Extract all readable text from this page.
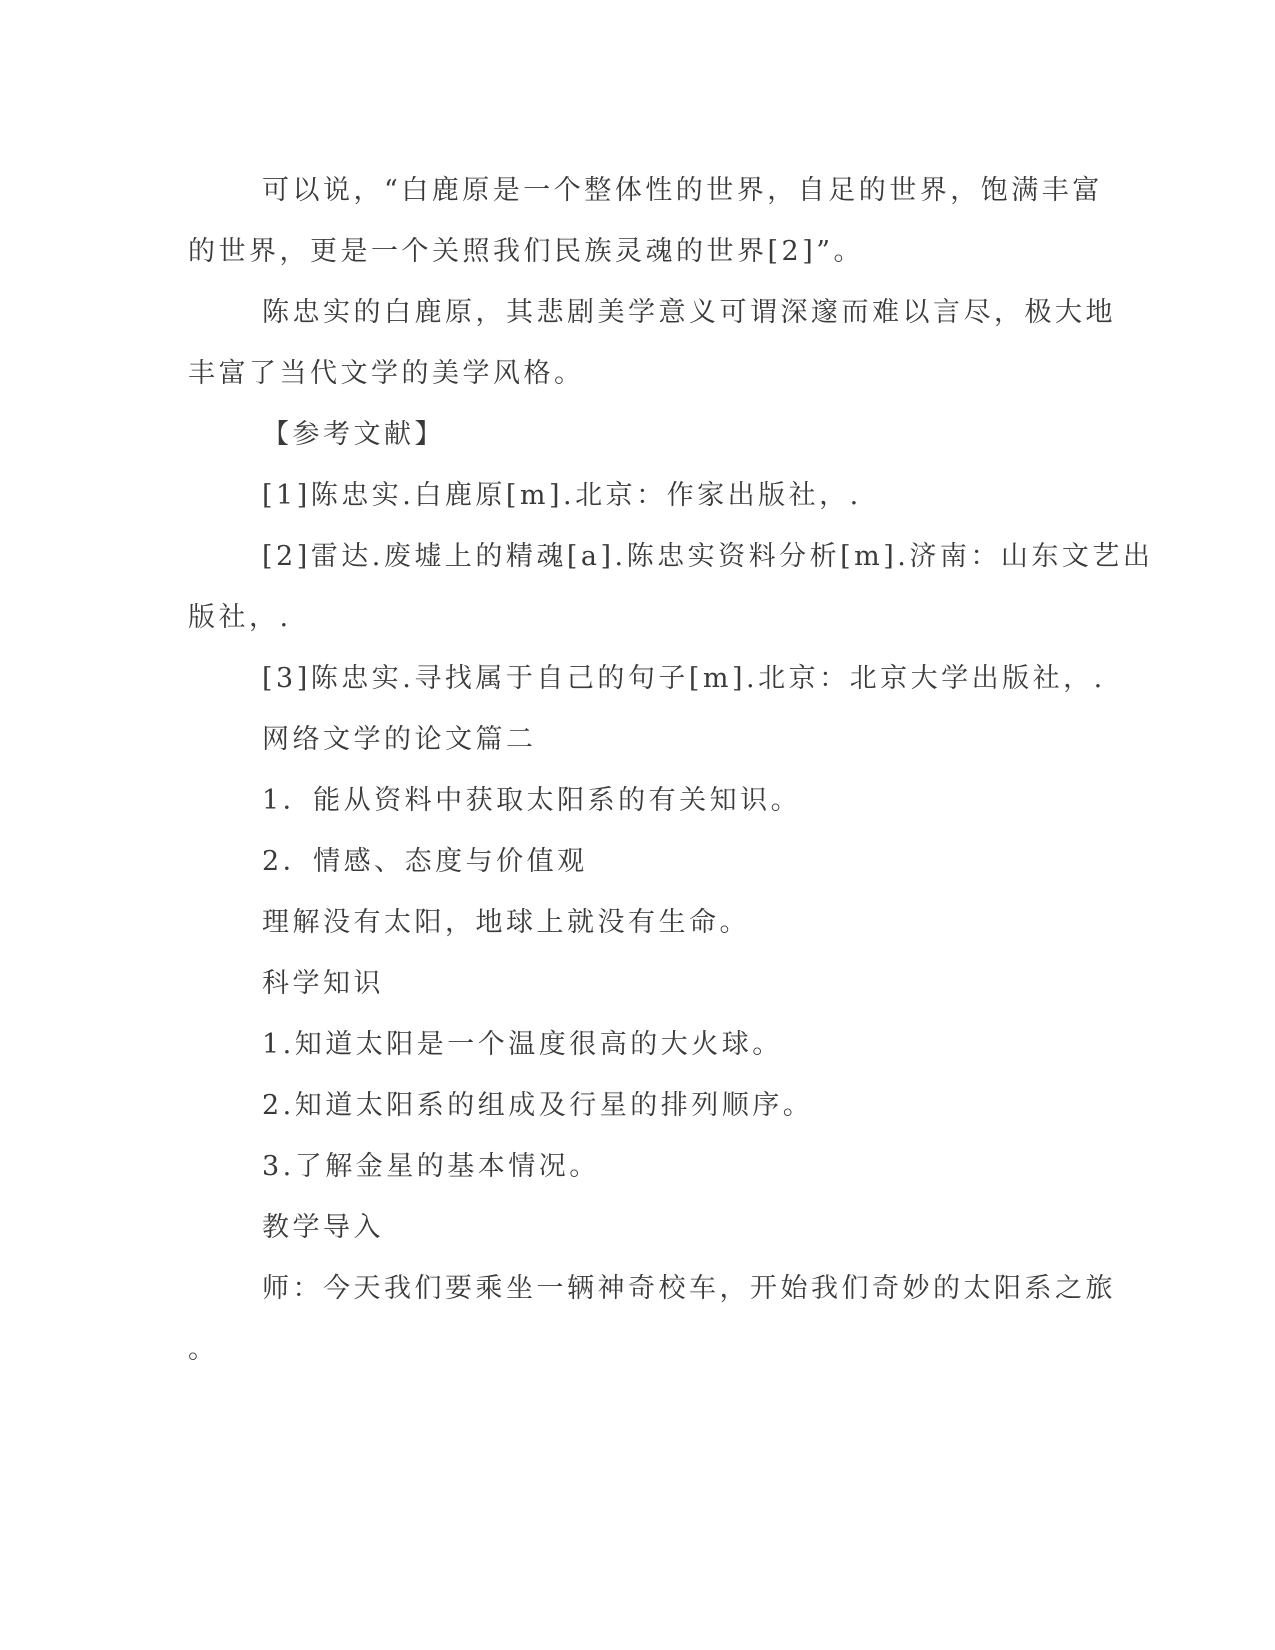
可以说，“白鹿原是一个整体性的世界，自足的世界，饱满丰富

的世界，更是一个关照我们民族灵魂的世界[2]”。

陈忠实的白鹿原，其悲剧美学意义可谓深邃而难以言尽，极大地

丰富了当代文学的美学风格。

【参考文献】

[1]陈忠实.白鹿原[m].北京：作家出版社，.

[2]雷达.废墟上的精魂[a].陈忠实资料分析[m].济南：山东文艺出

版社，.

[3]陈忠实.寻找属于自己的句子[m].北京：北京大学出版社，.

网络文学的论文篇二

1．能从资料中获取太阳系的有关知识。

2．情感、态度与价值观

理解没有太阳，地球上就没有生命。

科学知识

1.知道太阳是一个温度很高的大火球。

2.知道太阳系的组成及行星的排列顺序。

3.了解金星的基本情况。

教学导入

师：今天我们要乘坐一辆神奇校车，开始我们奇妙的太阳系之旅

。
